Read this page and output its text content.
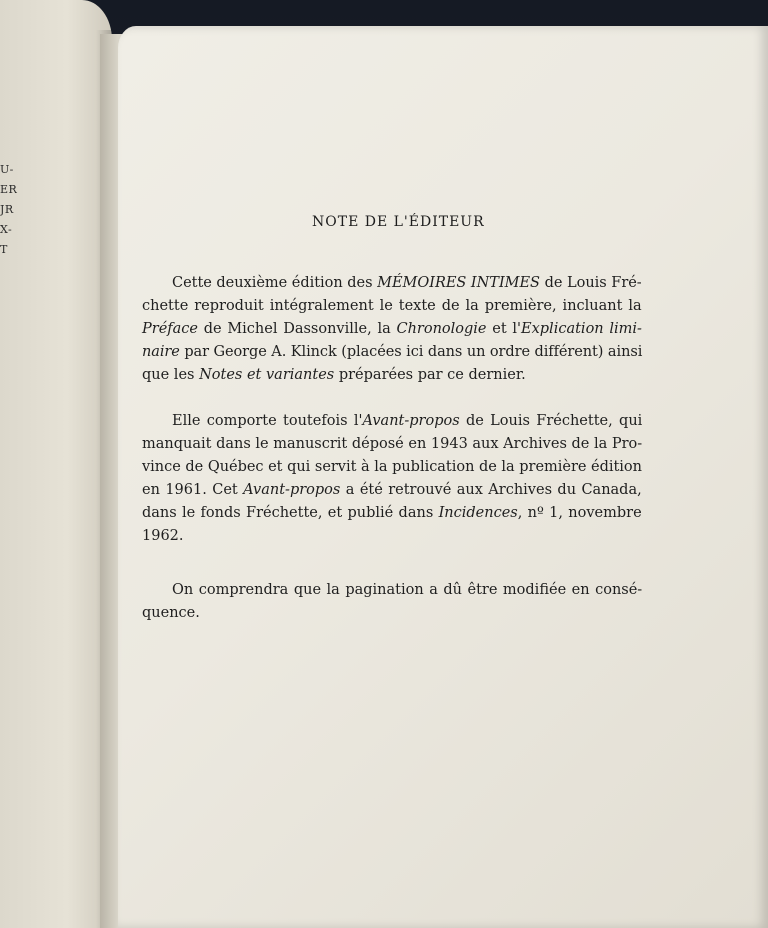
U-
ER
JR
X-
T
NOTE DE L'ÉDITEUR
Cette deuxième édition des MÉMOIRES INTIMES de Louis Fré-
chette reproduit intégralement le texte de la première, incluant la
Préface de Michel Dassonville, la Chronologie et l'Explication limi-
naire par George A. Klinck (placées ici dans un ordre différent) ainsi
que les Notes et variantes préparées par ce dernier.
Elle comporte toutefois l'Avant-propos de Louis Fréchette, qui
manquait dans le manuscrit déposé en 1943 aux Archives de la Pro-
vince de Québec et qui servit à la publication de la première édition
en 1961. Cet Avant-propos a été retrouvé aux Archives du Canada,
dans le fonds Fréchette, et publié dans Incidences, nº 1, novembre
1962.
On comprendra que la pagination a dû être modifiée en consé-
quence.
